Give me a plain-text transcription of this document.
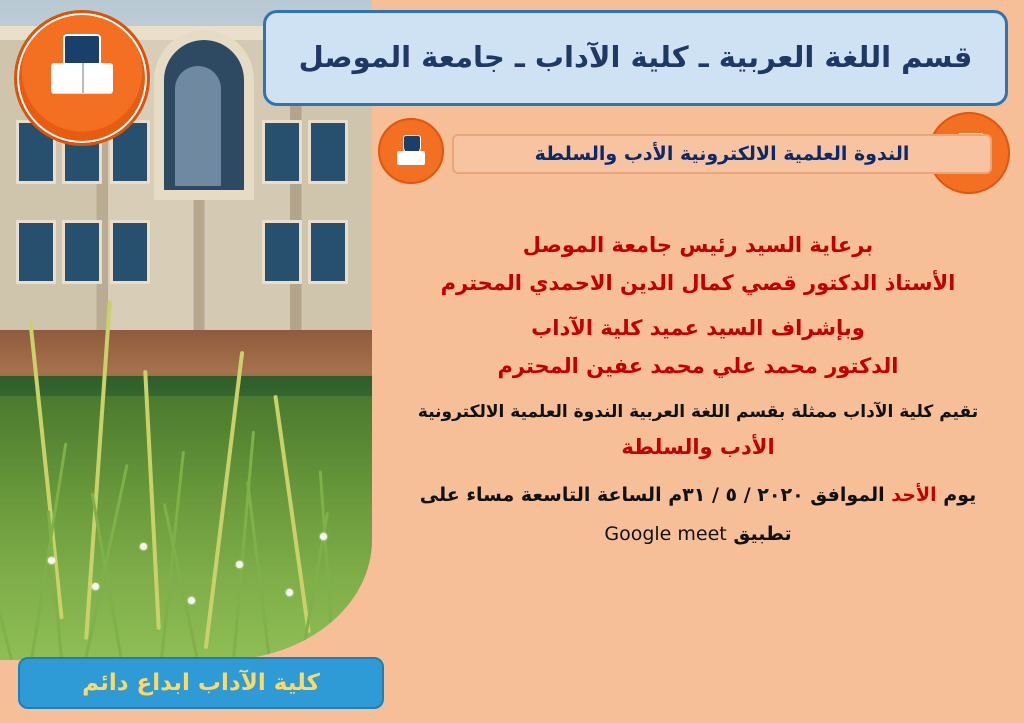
قسم اللغة العربية ـ كلية الآداب ـ جامعة الموصل
الندوة العلمية الالكترونية الأدب والسلطة

برعاية السيد رئيس جامعة الموصل

الأستاذ الدكتور قصي كمال الدين الاحمدي المحترم

وبإشراف السيد عميد كلية الآداب

الدكتور محمد علي محمد عفين المحترم

تقيم كلية الآداب ممثلة بقسم اللغة العربية الندوة العلمية الالكترونية

الأدب والسلطة

يوم الأحد الموافق ٢٠٢٠ / ٥ / ٣١م الساعة التاسعة مساء على

تطبيق Google meet

كلية الآداب ابداع دائم
